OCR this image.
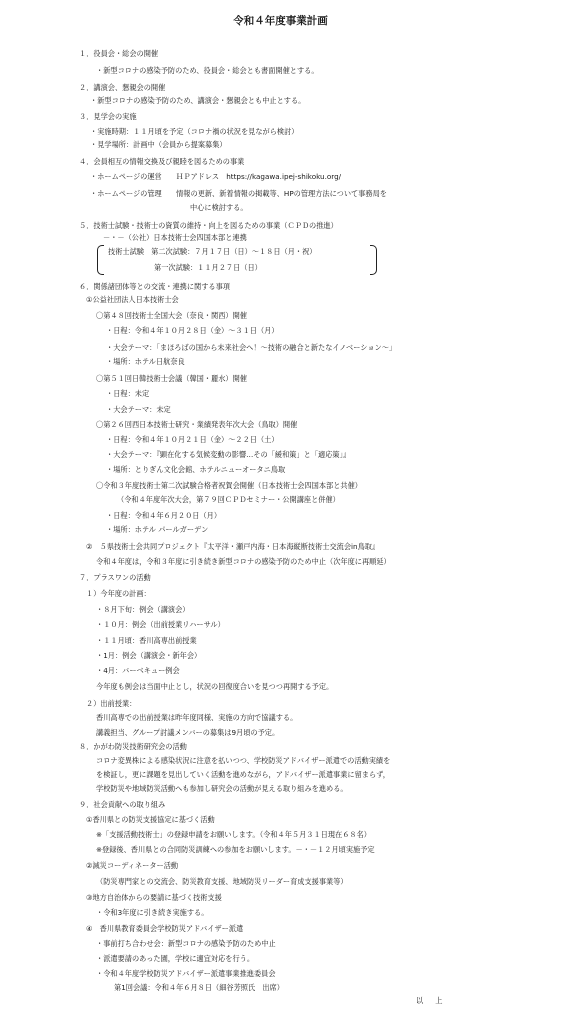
令和４年度事業計画
１．役員会・総会の開催
・新型コロナの感染予防のため、役員会・総会とも書面開催とする。
２．講演会、懇親会の開催
・新型コロナの感染予防のため、講演会・懇親会とも中止とする。
３．見学会の実施
・実施時期：１１月頃を予定（コロナ禍の状況を見ながら検討）
・見学場所：計画中（会員から提案募集）
４．会員相互の情報交換及び親睦を図るための事業
・ホームページの運営　　ＨＰアドレス　https://kagawa.ipej-shikoku.org/
・ホームページの管理　　情報の更新、新着情報の掲載等、HPの管理方法について事務局を
中心に検討する。
５．技術士試験・技術士の資質の維持・向上を図るための事業（ＣＰＤの推進）
－・－（公社）日本技術士会四国本部と連携
技術士試験　第二次試験：７月１７日（日）～１８日（月・祝）
第一次試験：１１月２７日（日）
６．関係諸団体等との交流・連携に関する事項
①公益社団法人日本技術士会
〇第４８回技術士全国大会（奈良・関西）開催
・日程：令和４年１０月２８日（金）～３１日（月）
・大会テーマ：「まほろばの国から未来社会へ！～技術の融合と新たなイノベーション～」
・場所：ホテル日航奈良
〇第５１回日韓技術士会議（韓国・麗水）開催
・日程：未定
・大会テーマ：未定
〇第２６回西日本技術士研究・業績発表年次大会（鳥取）開催
・日程：令和４年１０月２１日（金）～２２日（土）
・大会テーマ：『顕在化する気候変動の影響…その「緩和策」と「適応策」』
・場所：とりぎん文化会館、ホテルニューオータニ鳥取
〇令和３年度技術士第二次試験合格者祝賀会開催（日本技術士会四国本部と共催）
（令和４年度年次大会，第７９回ＣＰＤセミナー・公開講座と併催）
・日程：令和４年６月２０日（月）
・場所：ホテル パールガーデン
②　５県技術士会共同プロジェクト『太平洋・瀬戸内海・日本海縦断技術士交流会in鳥取』
令和４年度は，令和３年度に引き続き新型コロナの感染予防のため中止（次年度に再順延）
７．プラスワンの活動
１）今年度の計画：
・８月下旬：例会（講演会）
・１０月：例会（出前授業リハーサル）
・１１月頃：香川高専出前授業
・1月：例会（講演会・新年会）
・4月：バーベキュー例会
今年度も例会は当面中止とし，状況の回復度合いを見つつ再開する予定。
２）出前授業：
香川高専での出前授業は昨年度同様、実施の方向で協議する。
講義担当、グループ討議メンバーの募集は9月頃の予定。
８．かがわ防災技術研究会の活動
コロナ変異株による感染状況に注意を払いつつ、学校防災アドバイザー派遣での活動実績を
を検証し，更に課題を見出していく活動を進めながら，アドバイザー派遣事業に留まらず，
学校防災や地域防災活動へも参加し研究会の活動が見える取り組みを進める。
９．社会貢献への取り組み
①香川県との防災支援協定に基づく活動
※「支援活動技術士」の登録申請をお願いします。（令和４年５月３１日現在６８名）
※登録後、香川県との合同防災訓練への参加をお願いします。－・－１２月頃実施予定
②減災コーディネーター活動
（防災専門家との交流会、防災教育支援、地域防災リーダー育成支援事業等）
③地方自治体からの要請に基づく技術支援
・令和3年度に引き続き実施する。
④　香川県教育委員会学校防災アドバイザー派遣
・事前打ち合わせ会：新型コロナの感染予防のため中止
・派遣要請のあった園，学校に適宜対応を行う。
・令和４年度学校防災アドバイザー派遣事業推進委員会
第1回会議：令和４年６月８日（細谷芳照氏　出席）
以上
